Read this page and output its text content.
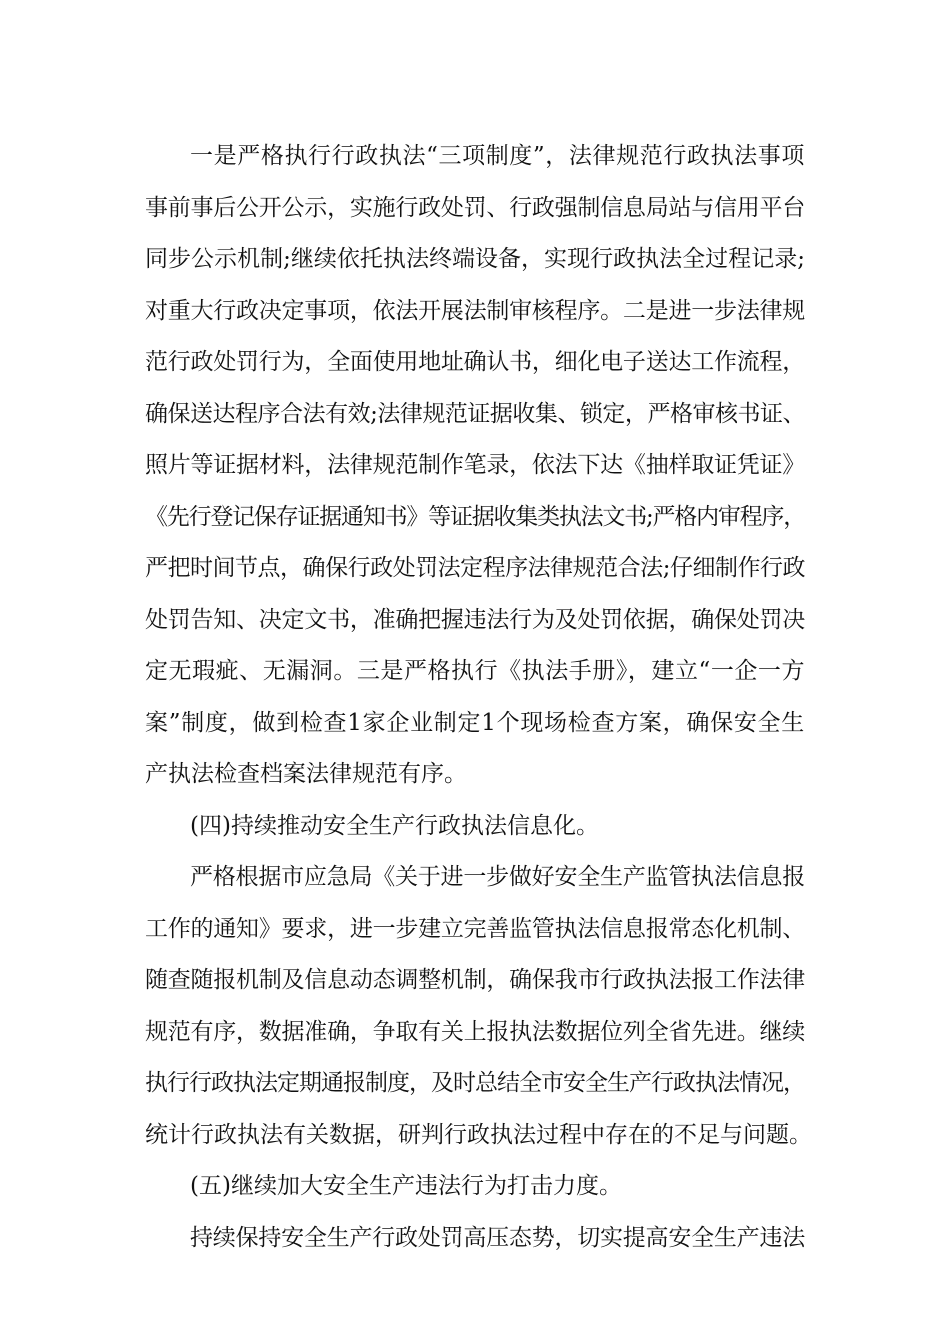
一是严格执行行政执法“三项制度”，法律规范行政执法事项

事前事后公开公示，实施行政处罚、行政强制信息局站与信用平台

同步公示机制;继续依托执法终端设备，实现行政执法全过程记录;

对重大行政决定事项，依法开展法制审核程序。二是进一步法律规

范行政处罚行为，全面使用地址确认书，细化电子送达工作流程，

确保送达程序合法有效;法律规范证据收集、锁定，严格审核书证、

照片等证据材料，法律规范制作笔录，依法下达《抽样取证凭证》

《先行登记保存证据通知书》等证据收集类执法文书;严格内审程序，

严把时间节点，确保行政处罚法定程序法律规范合法;仔细制作行政

处罚告知、决定文书，准确把握违法行为及处罚依据，确保处罚决

定无瑕疵、无漏洞。三是严格执行《执法手册》，建立“一企一方

案”制度，做到检查1家企业制定1个现场检查方案，确保安全生

产执法检查档案法律规范有序。

(四)持续推动安全生产行政执法信息化。

严格根据市应急局《关于进一步做好安全生产监管执法信息报

工作的通知》要求，进一步建立完善监管执法信息报常态化机制、

随查随报机制及信息动态调整机制，确保我市行政执法报工作法律

规范有序，数据准确，争取有关上报执法数据位列全省先进。继续

执行行政执法定期通报制度，及时总结全市安全生产行政执法情况，

统计行政执法有关数据，研判行政执法过程中存在的不足与问题。

(五)继续加大安全生产违法行为打击力度。

持续保持安全生产行政处罚高压态势，切实提高安全生产违法
